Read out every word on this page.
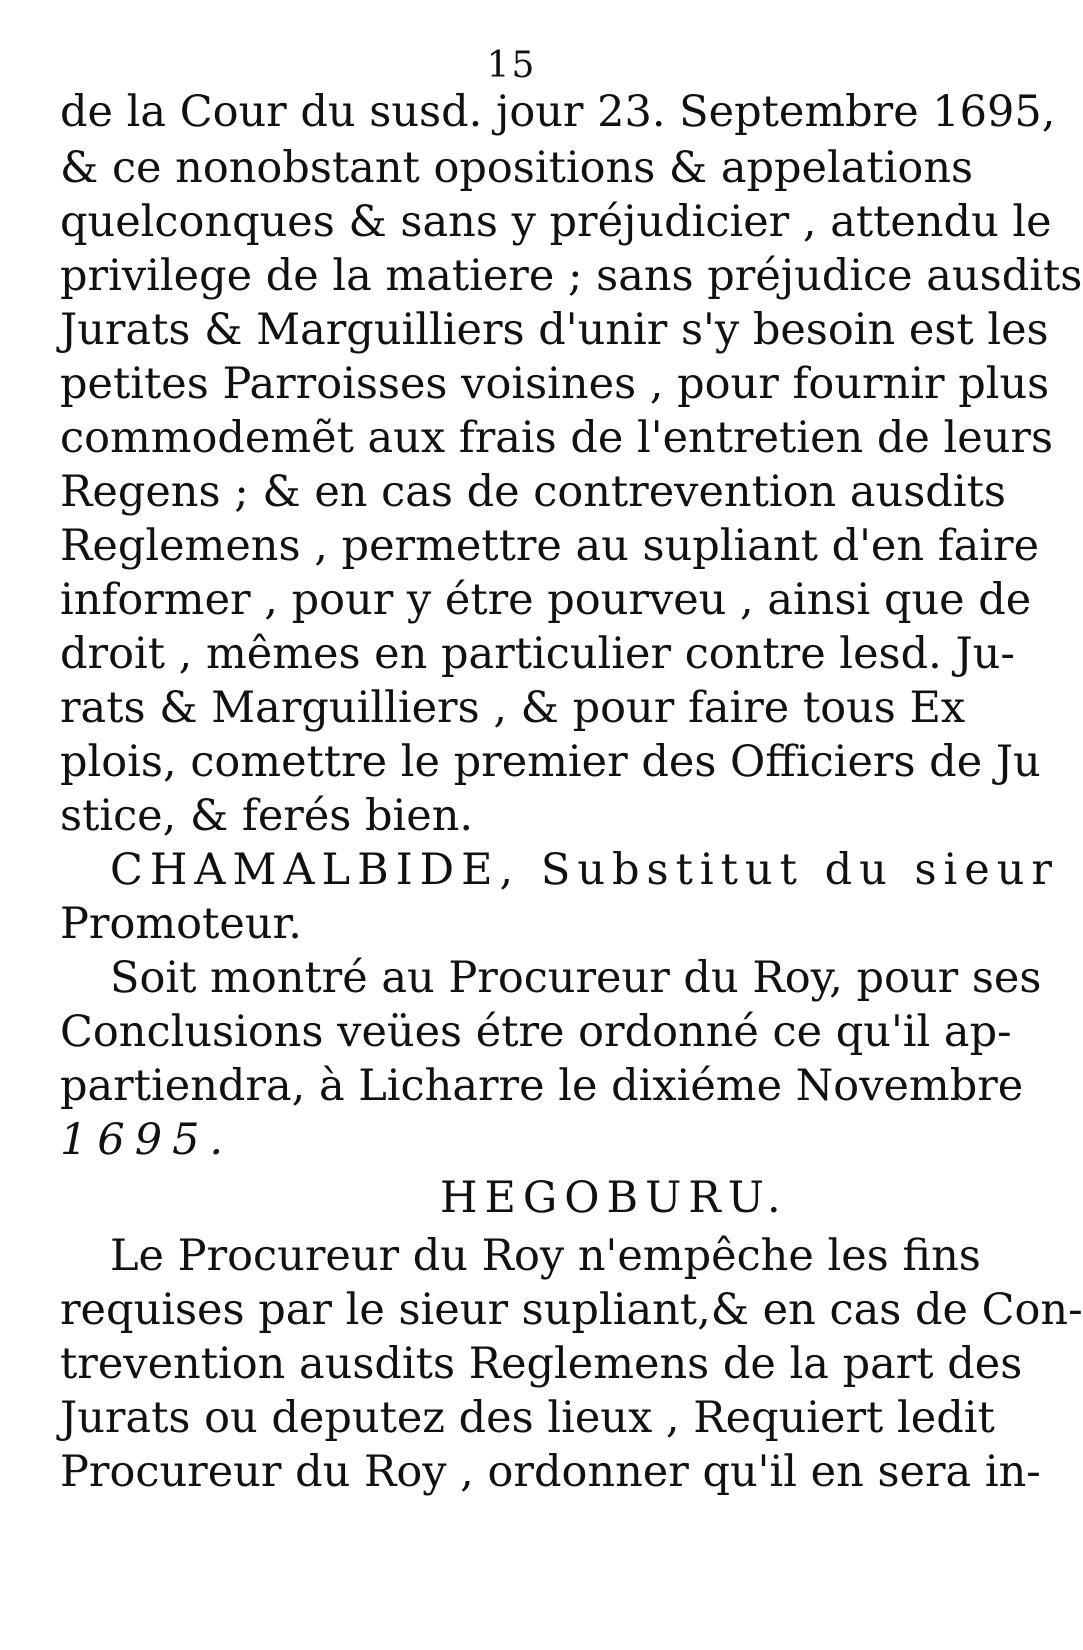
15
de la Cour du susd. jour 23. Septembre 1695,
& ce nonobstant opositions & appelations
quelconques & sans y préjudicier , attendu le
privilege de la matiere ; sans préjudice ausdits
Jurats & Marguilliers d'unir s'y besoin est les
petites Parroisses voisines , pour fournir plus
commodemẽt aux frais de l'entretien de leurs
Regens ; & en cas de contrevention ausdits
Reglemens , permettre au supliant d'en faire
informer , pour y étre pourveu , ainsi que de
droit , mêmes en particulier contre lesd. Ju-
rats & Marguilliers , & pour faire tous Ex
plois, comettre le premier des Officiers de Ju
stice, & ferés bien.
CHAMALBIDE, Substitut du sieur
Promoteur.
Soit montré au Procureur du Roy, pour ses
Conclusions veües étre ordonné ce qu'il ap-
partiendra, à Licharre le dixiéme Novembre
1695.
HEGOBURU.
Le Procureur du Roy n'empêche les fins
requises par le sieur supliant,& en cas de Con-
trevention ausdits Reglemens de la part des
Jurats ou deputez des lieux , Requiert ledit
Procureur du Roy , ordonner qu'il en sera in-
